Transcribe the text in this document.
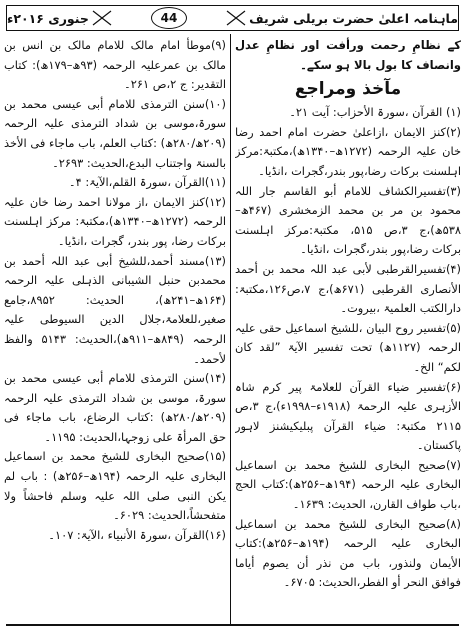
ماہنامہ اعلیٰ حضرت بریلی شریف
44
جنوری ۲۰۱۶ء

کے نظامِ رحمت ورأفت اور نظامِ عدل وانصاف کا بول بالا ہو سکے۔

مآخذ ومراجع

(۱) القرآن ،سورۃ الأحزاب: آیت ۲۱۔

(۲)کنز الایمان ،ازاعلیٰ حضرت امام احمد رضا خان علیہ الرحمہ (۱۲۷۲ھ–۱۳۴۰ھ)،مکتبۃ:مرکز اہلسنت برکات رضا،پور بندر،گجرات ،انڈیا۔

(۳)تفسیرالکشاف للامام أبو القاسم جار اللہ محمود بن مر بن محمد الزمخشری (۴۶۷ھ–۵۳۸ھ)،ج ۳،ص ۵۱۵، مکتبۃ:مرکز اہلسنت برکات رضا،پور بندر،گجرات ،انڈیا۔

(۴)تفسیرالقرطبی لأبی عبد اللہ محمد بن أحمد الأنصاری القرطبی (۶۷۱ھ)،ج ۷،ص۱۲۶،مکتبۃ: دارالکتب العلمیۃ ،بیروت۔

(۵)تفسیر روح البیان ،للشیخ اسماعیل حقی علیہ الرحمہ (۱۱۲۷ھ) تحت تفسیر الآیۃ ”لقد کان لکم“ الخ۔

(۶)تفسیر ضیاء القرآن للعلامۃ پیر کرم شاہ الأزہری علیہ الرحمۃ (۱۹۱۸ء–۱۹۹۸ء)،ج ۳،ص ۲۱۱۵ مکتبۃ: ضیاء القرآن پبلیکیشنز لاہور پاکستان۔

(۷)صحیح البخاری للشیخ محمد بن اسماعیل البخاری علیہ الرحمہ (۱۹۴ھ–۲۵۶ھ):کتاب الحج ،باب طواف القارن، الحدیث: ۱۶۳۹۔

(۸)صحیح البخاری للشیخ محمد بن اسماعیل البخاری علیہ الرحمہ (۱۹۴ھ–۲۵۶ھ):کتاب الأیمان ولنذور، باب من نذر أن یصوم أیاما فوافق النحر أو الفطر،الحدیث: ۶۷۰۵۔

(۹)موطأ امام مالک للامام مالک بن انس بن مالک بن عمرعلیہ الرحمہ (۹۳ھ–۱۷۹ھ): کتاب التقدیر: ج ۲،ص ۲۶۱۔

(۱۰)سنن الترمذی للامام أبی عیسی محمد بن سورۃ،موسی بن شداد الترمذی علیہ الرحمہ (۲۰۹ھ/۲۸۰ھ) :کتاب العلم، باب ماجاء فی الأخذ بالسنۃ واجتناب البدع،الحدیث: ۲۶۹۳۔

(۱۱)القرآن ،سورۃ القلم،الآیۃ: ۴۔

(۱۲)کنز الایمان ،از مولانا احمد رضا خان علیہ الرحمہ (۱۲۷۲ھ–۱۳۴۰ھ)،مکتبۃ: مرکز اہلسنت برکات رضا، پور بندر، گجرات ،انڈیا۔

(۱۳)مسند أحمد،للشیخ أبی عبد اللہ أحمد بن محمدبن حنبل الشیبانی الذہلی علیہ الرحمہ (۱۶۴ھ–۲۴۱ھ)، الحدیث: ۸۹۵۲،جامع صغیر،للعلامۃ،جلال الدین السیوطی علیہ الرحمہ (۸۴۹ھ–۹۱۱ھ)،الحدیث: ۵۱۴۳ والفظ لأحمد۔

(۱۴)سنن الترمذی للامام أبی عیسی محمد بن سورۃ، موسی بن شداد الترمذی علیہ الرحمہ (۲۰۹ھ/۲۸۰ھ) :کتاب الرضاع، باب ماجاء فی حق المرأۃ علی زوجہا،الحدیث: ۱۱۹۵۔

(۱۵)صحیح البخاری للشیخ محمد بن اسماعیل البخاری علیہ الرحمہ (۱۹۴ھ–۲۵۶ھ) : باب لم یکن النبی صلی اللہ علیہ وسلم فاحشاً ولا متفحشاً،الحدیث: ۶۰۲۹۔

(۱۶)القرآن ،سورۃ الأنبیاء ،الآیۃ: ۱۰۷۔
